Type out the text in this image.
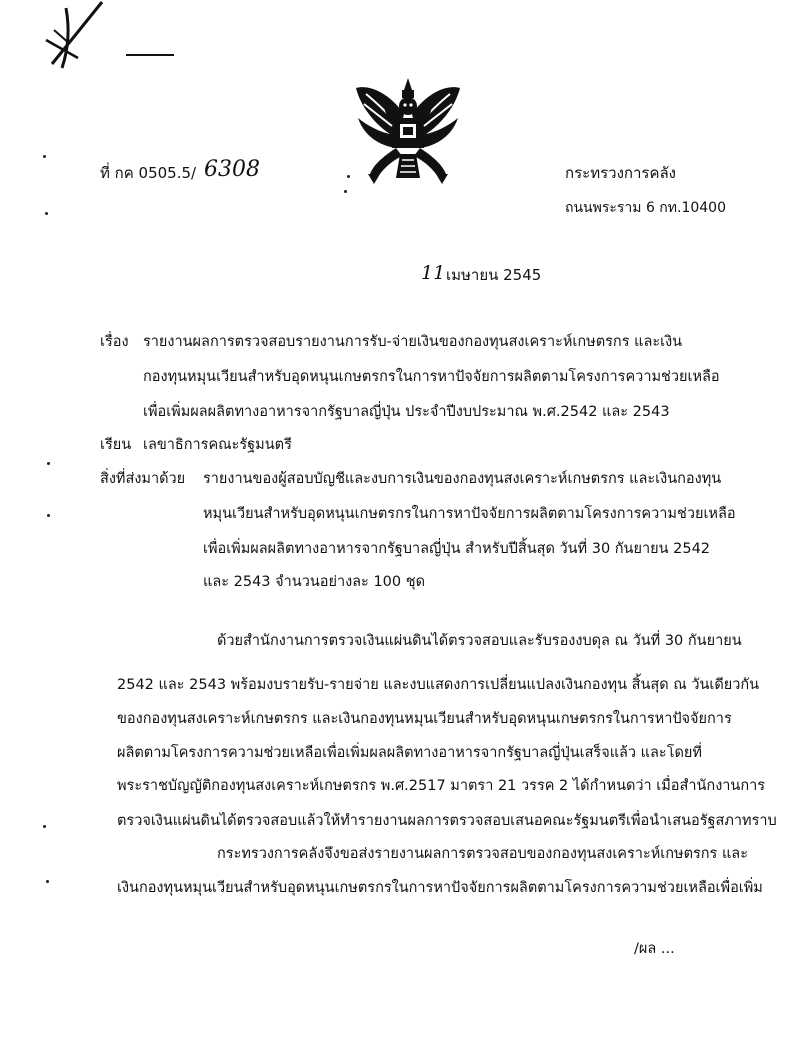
ที่ กค 0505.5/ 6308	กระทรวงการคลัง
ถนนพระราม 6 กท.10400
11 เมษายน 2545
เรื่อง รายงานผลการตรวจสอบรายงานการรับ-จ่ายเงินของกองทุนสงเคราะห์เกษตรกร และเงิน
กองทุนหมุนเวียนสำหรับอุดหนุนเกษตรกรในการหาปัจจัยการผลิตตามโครงการความช่วยเหลือ
เพื่อเพิ่มผลผลิตทางอาหารจากรัฐบาลญี่ปุ่น ประจำปีงบประมาณ พ.ศ.2542 และ 2543
เรียน เลขาธิการคณะรัฐมนตรี
สิ่งที่ส่งมาด้วย รายงานของผู้สอบบัญชีและงบการเงินของกองทุนสงเคราะห์เกษตรกร และเงินกองทุน
หมุนเวียนสำหรับอุดหนุนเกษตรกรในการหาปัจจัยการผลิตตามโครงการความช่วยเหลือ
เพื่อเพิ่มผลผลิตทางอาหารจากรัฐบาลญี่ปุ่น สำหรับปีสิ้นสุด วันที่ 30 กันยายน 2542
และ 2543 จำนวนอย่างละ 100 ชุด
ด้วยสำนักงานการตรวจเงินแผ่นดินได้ตรวจสอบและรับรองงบดุล ณ วันที่ 30 กันยายน
2542 และ 2543 พร้อมงบรายรับ-รายจ่าย และงบแสดงการเปลี่ยนแปลงเงินกองทุน สิ้นสุด ณ วันเดียวกัน
ของกองทุนสงเคราะห์เกษตรกร และเงินกองทุนหมุนเวียนสำหรับอุดหนุนเกษตรกรในการหาปัจจัยการ
ผลิตตามโครงการความช่วยเหลือเพื่อเพิ่มผลผลิตทางอาหารจากรัฐบาลญี่ปุ่นเสร็จแล้ว และโดยที่
พระราชบัญญัติกองทุนสงเคราะห์เกษตรกร พ.ศ.2517 มาตรา 21 วรรค 2 ได้กำหนดว่า เมื่อสำนักงานการ
ตรวจเงินแผ่นดินได้ตรวจสอบแล้วให้ทำรายงานผลการตรวจสอบเสนอคณะรัฐมนตรีเพื่อนำเสนอรัฐสภาทราบ
กระทรวงการคลังจึงขอส่งรายงานผลการตรวจสอบของกองทุนสงเคราะห์เกษตรกร และ
เงินกองทุนหมุนเวียนสำหรับอุดหนุนเกษตรกรในการหาปัจจัยการผลิตตามโครงการความช่วยเหลือเพื่อเพิ่ม
/ผล ...
